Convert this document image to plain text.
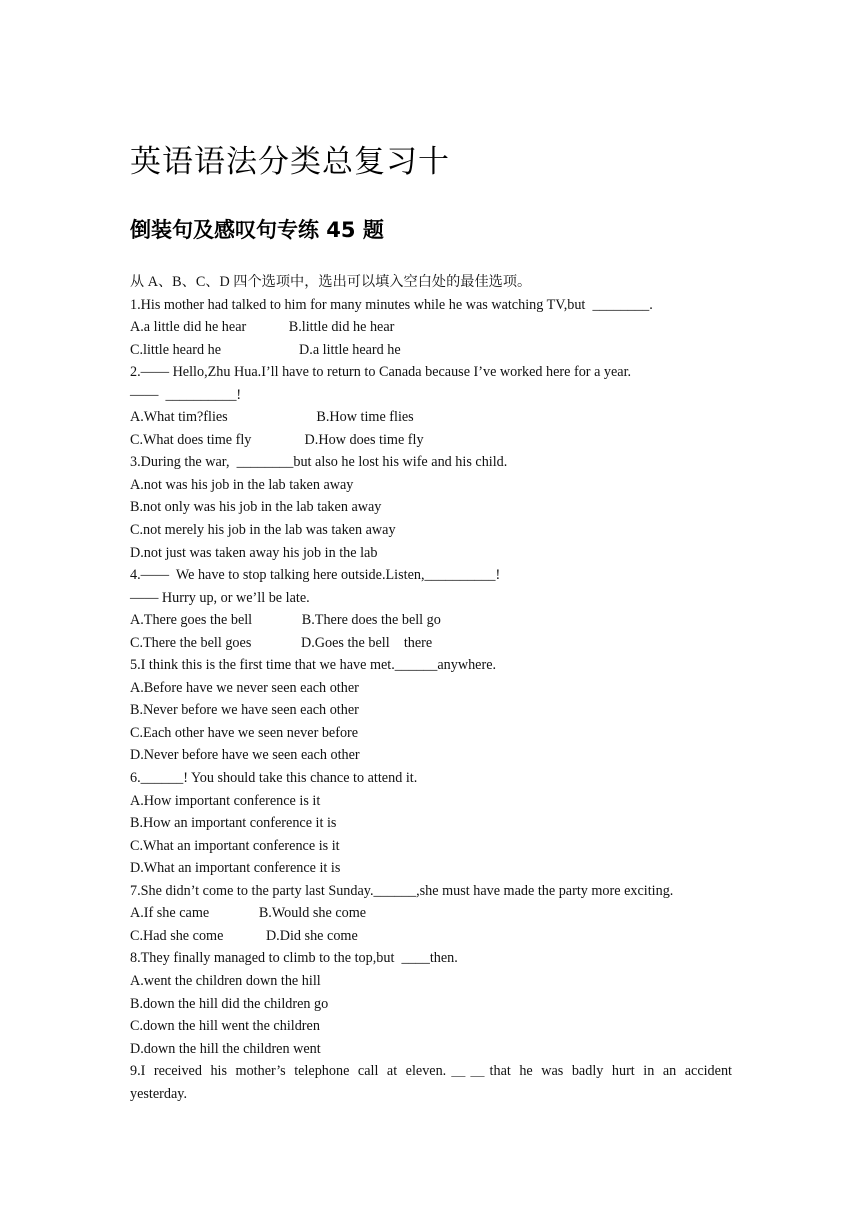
英语语法分类总复习十
倒装句及感叹句专练 45 题
从 A、B、C、D 四个选项中，选出可以填入空白处的最佳选项。
1.His mother had talked to him for many minutes while he was watching TV,but  ________.
A.a little did he hear            B.little did he hear
C.little heard he                      D.a little heard he
2.—— Hello,Zhu Hua.I’ll have to return to Canada because I’ve worked here for a year.
——  __________!
A.What tim?flies                         B.How time flies
C.What does time fly               D.How does time fly
3.During the war,  ________but also he lost his wife and his child.
A.not was his job in the lab taken away
B.not only was his job in the lab taken away
C.not merely his job in the lab was taken away
D.not just was taken away his job in the lab
4.——  We have to stop talking here outside.Listen,__________!
—— Hurry up, or we’ll be late.
A.There goes the bell              B.There does the bell go
C.There the bell goes              D.Goes the bell    there
5.I think this is the first time that we have met.______anywhere.
A.Before have we never seen each other
B.Never before we have seen each other
C.Each other have we seen never before
D.Never before have we seen each other
6.______! You should take this chance to attend it.
A.How important conference is it
B.How an important conference it is
C.What an important conference is it
D.What an important conference it is
7.She didn’t come to the party last Sunday.______,she must have made the party more exciting.
A.If she came              B.Would she come
C.Had she come            D.Did she come
8.They finally managed to climb to the top,but  ____then.
A.went the children down the hill
B.down the hill did the children go
C.down the hill went the children
D.down the hill the children went
9.I received his mother’s telephone call at eleven.＿＿that he was badly hurt in an accident
yesterday.
